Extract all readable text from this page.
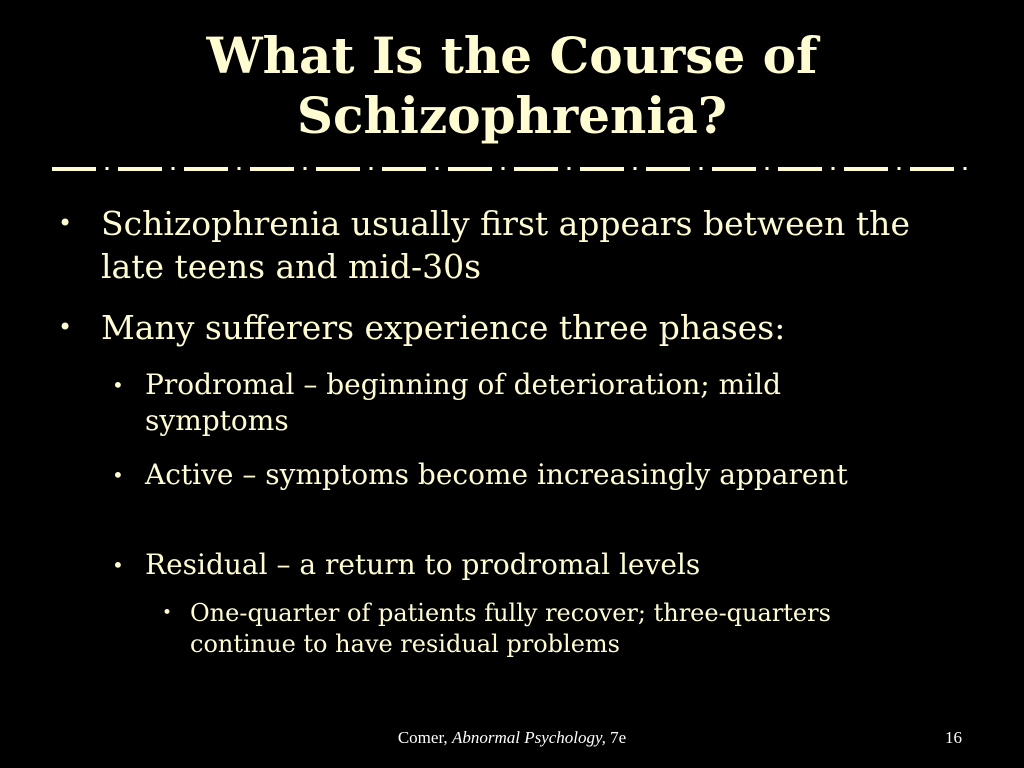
What Is the Course of
Schizophrenia?
• Schizophrenia usually first appears between the late teens and mid-30s
• Many sufferers experience three phases:
• Prodromal – beginning of deterioration; mild symptoms
• Active – symptoms become increasingly apparent
• Residual – a return to prodromal levels
• One-quarter of patients fully recover; three-quarters continue to have residual problems
Comer, Abnormal Psychology, 7e	16
